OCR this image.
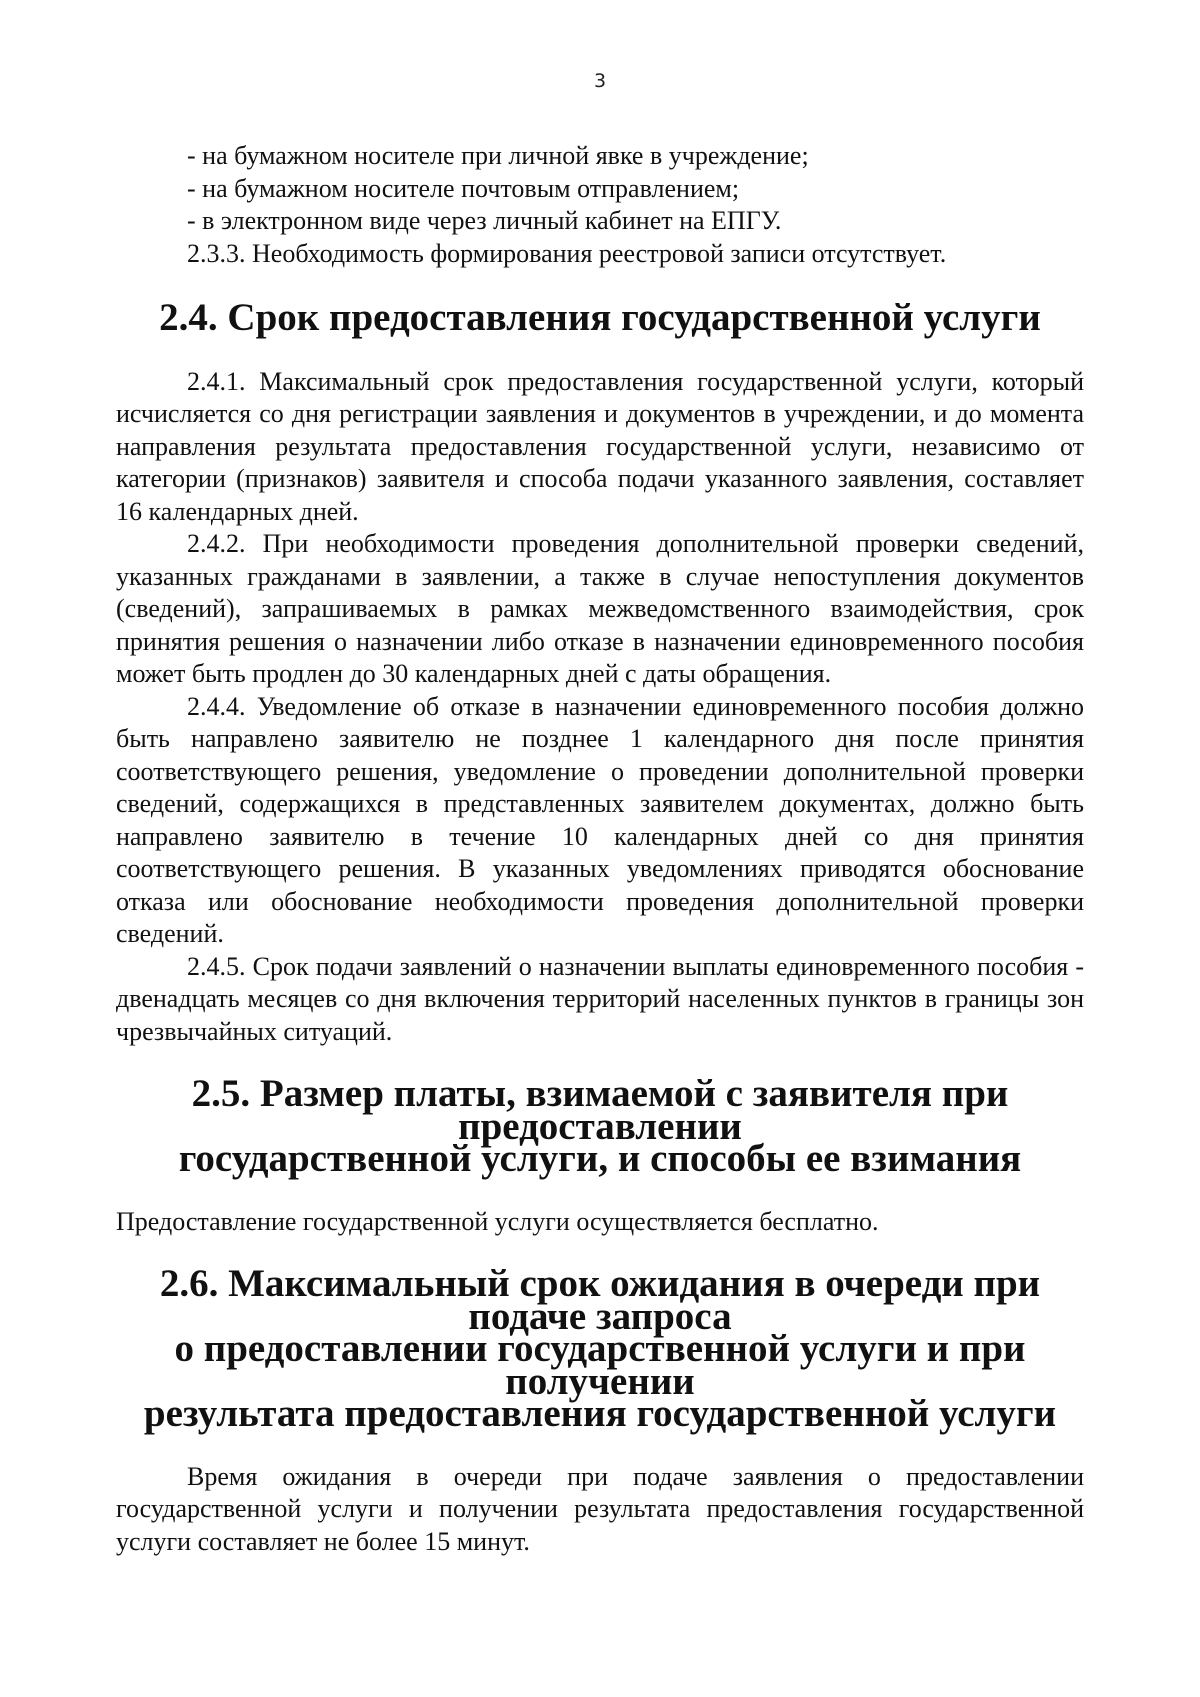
3

- на бумажном носителе при личной явке в учреждение;

- на бумажном носителе почтовым отправлением;

- в электронном виде через личный кабинет на ЕПГУ.

2.3.3. Необходимость формирования реестровой записи отсутствует.

2.4. Срок предоставления государственной услуги

2.4.1. Максимальный срок предоставления государственной услуги, который исчисляется со дня регистрации заявления и документов в учреждении, и до момента направления результата предоставления государственной услуги, независимо от категории (признаков) заявителя и способа подачи указанного заявления, составляет 16 календарных дней.

2.4.2. При необходимости проведения дополнительной проверки сведений, указанных гражданами в заявлении, а также в случае непоступления документов (сведений), запрашиваемых в рамках межведомственного взаимодействия, срок принятия решения о назначении либо отказе в назначении единовременного пособия может быть продлен до 30 календарных дней с даты обращения.

2.4.4. Уведомление об отказе в назначении единовременного пособия должно быть направлено заявителю не позднее 1 календарного дня после принятия соответствующего решения, уведомление о проведении дополнительной проверки сведений, содержащихся в представленных заявителем документах, должно быть направлено заявителю в течение 10 календарных дней со дня принятия соответствующего решения. В указанных уведомлениях приводятся обоснование отказа или обоснование необходимости проведения дополнительной проверки сведений.

2.4.5. Срок подачи заявлений о назначении выплаты единовременного пособия - двенадцать месяцев со дня включения территорий населенных пунктов в границы зон чрезвычайных ситуаций.

2.5. Размер платы, взимаемой с заявителя при предоставлении
государственной услуги, и способы ее взимания

Предоставление государственной услуги осуществляется бесплатно.

2.6. Максимальный срок ожидания в очереди при подаче запроса
о предоставлении государственной услуги и при получении
результата предоставления государственной услуги

Время ожидания в очереди при подаче заявления о предоставлении государственной услуги и получении результата предоставления государственной услуги составляет не более 15 минут.
